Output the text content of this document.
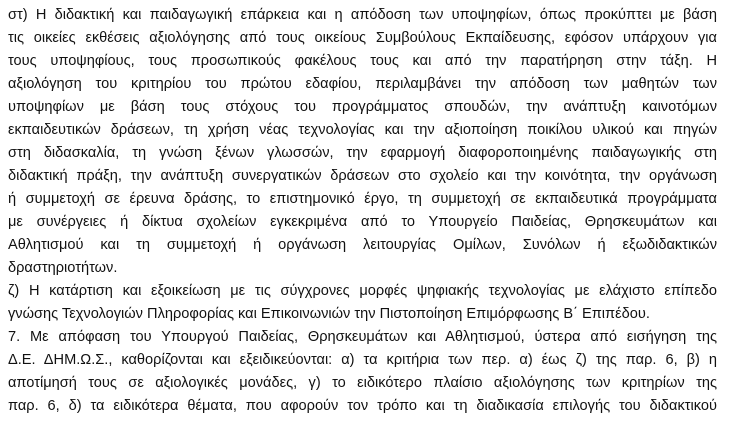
στ) Η διδακτική και παιδαγωγική επάρκεια και η απόδοση των υποψηφίων, όπως προκύπτει με βάση
τις οικείες εκθέσεις αξιολόγησης από τους οικείους Συμβούλους Εκπαίδευσης, εφόσον υπάρχουν για
τους υποψηφίους, τους προσωπικούς φακέλους τους και από την παρατήρηση στην τάξη. Η
αξιολόγηση του κριτηρίου του πρώτου εδαφίου, περιλαμβάνει την απόδοση των μαθητών των
υποψηφίων με βάση τους στόχους του προγράμματος σπουδών, την ανάπτυξη καινοτόμων
εκπαιδευτικών δράσεων, τη χρήση νέας τεχνολογίας και την αξιοποίηση ποικίλου υλικού και πηγών
στη διδασκαλία, τη γνώση ξένων γλωσσών, την εφαρμογή διαφοροποιημένης παιδαγωγικής στη
διδακτική πράξη, την ανάπτυξη συνεργατικών δράσεων στο σχολείο και την κοινότητα, την οργάνωση
ή συμμετοχή σε έρευνα δράσης, το επιστημονικό έργο, τη συμμετοχή σε εκπαιδευτικά προγράμματα
με συνέργειες ή δίκτυα σχολείων εγκεκριμένα από το Υπουργείο Παιδείας, Θρησκευμάτων και
Αθλητισμού και τη συμμετοχή ή οργάνωση λειτουργίας Ομίλων, Συνόλων ή εξωδιδακτικών
δραστηριοτήτων.
ζ) Η κατάρτιση και εξοικείωση με τις σύγχρονες μορφές ψηφιακής τεχνολογίας με ελάχιστο επίπεδο
γνώσης Τεχνολογιών Πληροφορίας και Επικοινωνιών την Πιστοποίηση Επιμόρφωσης Β΄ Επιπέδου.
7. Με απόφαση του Υπουργού Παιδείας, Θρησκευμάτων και Αθλητισμού, ύστερα από εισήγηση της
Δ.Ε. ΔΗΜ.Ω.Σ., καθορίζονται και εξειδικεύονται: α) τα κριτήρια των περ. α) έως ζ) της παρ. 6, β) η
αποτίμησή τους σε αξιολογικές μονάδες, γ) το ειδικότερο πλαίσιο αξιολόγησης των κριτηρίων της
παρ. 6, δ) τα ειδικότερα θέματα, που αφορούν τον τρόπο και τη διαδικασία επιλογής του διδακτικού
